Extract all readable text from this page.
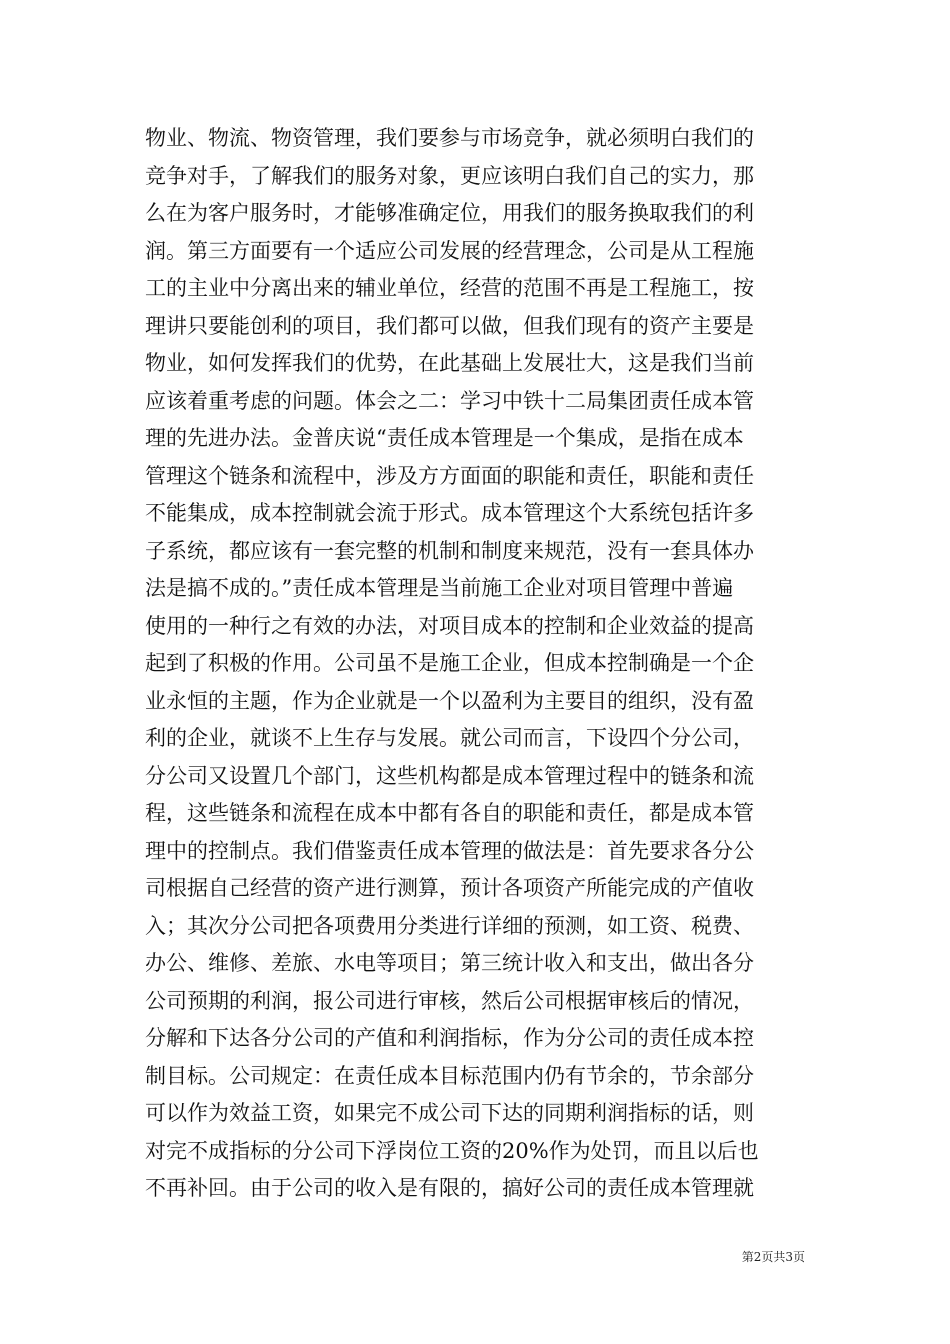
物业、物流、物资管理，我们要参与市场竞争，就必须明白我们的
竞争对手，了解我们的服务对象，更应该明白我们自己的实力，那
么在为客户服务时，才能够准确定位，用我们的服务换取我们的利
润。第三方面要有一个适应公司发展的经营理念，公司是从工程施
工的主业中分离出来的辅业单位，经营的范围不再是工程施工，按
理讲只要能创利的项目，我们都可以做，但我们现有的资产主要是
物业，如何发挥我们的优势，在此基础上发展壮大，这是我们当前
应该着重考虑的问题。体会之二：学习中铁十二局集团责任成本管
理的先进办法。金普庆说“责任成本管理是一个集成，是指在成本
管理这个链条和流程中，涉及方方面面的职能和责任，职能和责任
不能集成，成本控制就会流于形式。成本管理这个大系统包括许多
子系统，都应该有一套完整的机制和制度来规范，没有一套具体办
法是搞不成的。”责任成本管理是当前施工企业对项目管理中普遍
使用的一种行之有效的办法，对项目成本的控制和企业效益的提高
起到了积极的作用。公司虽不是施工企业，但成本控制确是一个企
业永恒的主题，作为企业就是一个以盈利为主要目的组织，没有盈
利的企业，就谈不上生存与发展。就公司而言，下设四个分公司，
分公司又设置几个部门，这些机构都是成本管理过程中的链条和流
程，这些链条和流程在成本中都有各自的职能和责任，都是成本管
理中的控制点。我们借鉴责任成本管理的做法是：首先要求各分公
司根据自己经营的资产进行测算，预计各项资产所能完成的产值收
入；其次分公司把各项费用分类进行详细的预测，如工资、税费、
办公、维修、差旅、水电等项目；第三统计收入和支出，做出各分
公司预期的利润，报公司进行审核，然后公司根据审核后的情况，
分解和下达各分公司的产值和利润指标，作为分公司的责任成本控
制目标。公司规定：在责任成本目标范围内仍有节余的，节余部分
可以作为效益工资，如果完不成公司下达的同期利润指标的话，则
对完不成指标的分公司下浮岗位工资的20%作为处罚，而且以后也
不再补回。由于公司的收入是有限的，搞好公司的责任成本管理就
第2页共3页
